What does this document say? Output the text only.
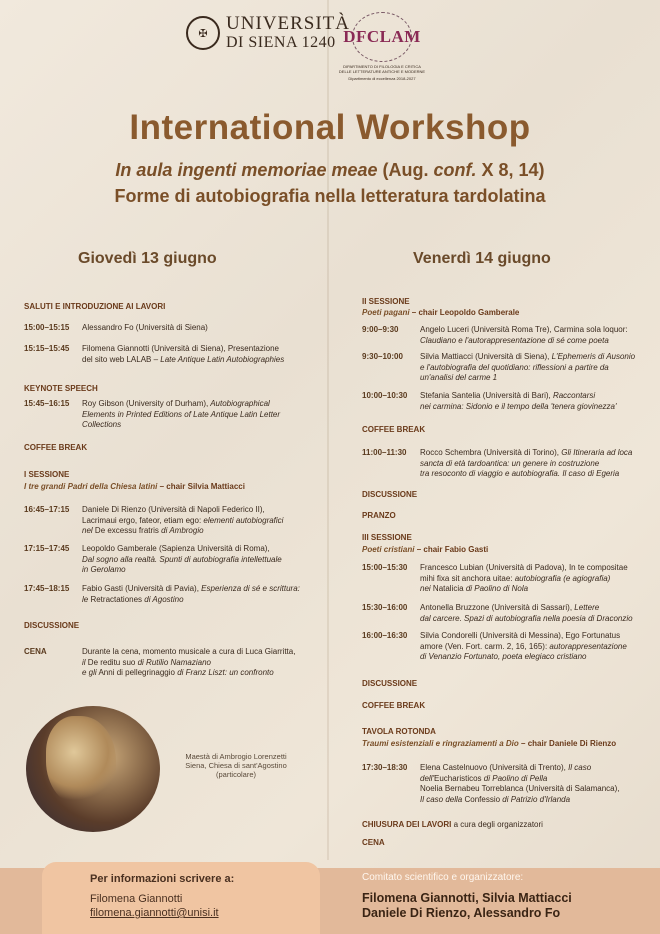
✠ UNIVERSITÀ
DI SIENA 1240 DFCLAM
DIPARTIMENTO DI FILOLOGIA E CRITICA DELLE LETTERATURE ANTICHE E MODERNE
Dipartimento di eccellenza 2018-2027
International Workshop
In aula ingenti memoriae meae (Aug. conf. X 8, 14)
Forme di autobiografia nella letteratura tardolatina
Giovedì 13 giugno	Venerdì 14 giugno
SALUTI E INTRODUZIONE AI LAVORI
15:00–15:15 Alessandro Fo (Università di Siena)
15:15–15:45 Filomena Giannotti (Università di Siena), Presentazione
del sito web LALAB – Late Antique Latin Autobiographies
KEYNOTE SPEECH
15:45–16:15 Roy Gibson (University of Durham), Autobiographical
Elements in Printed Editions of Late Antique Latin Letter
Collections
COFFEE BREAK
I SESSIONE
I tre grandi Padri della Chiesa latini – chair Silvia Mattiacci
16:45–17:15 Daniele Di Rienzo (Università di Napoli Federico II),
Lacrimaui ergo, fateor, etiam ego: elementi autobiografici
nel De excessu fratris di Ambrogio
17:15–17:45 Leopoldo Gamberale (Sapienza Università di Roma),
Dal sogno alla realtà. Spunti di autobiografia intellettuale
in Gerolamo
17:45–18:15 Fabio Gasti (Università di Pavia), Esperienza di sé e scrittura:
le Retractationes di Agostino
DISCUSSIONE
CENA	Durante la cena, momento musicale a cura di Luca Giarritta,
il De reditu suo di Rutilio Namaziano
e gli Anni di pellegrinaggio di Franz Liszt: un confronto
Maestà di Ambrogio Lorenzetti
Siena, Chiesa di sant'Agostino
(particolare)
II SESSIONE
Poeti pagani – chair Leopoldo Gamberale
9:00–9:30	Angelo Luceri (Università Roma Tre), Carmina sola loquor:
Claudiano e l'autorappresentazione di sé come poeta
9:30–10:00 Silvia Mattiacci (Università di Siena), L'Ephemeris di Ausonio
e l'autobiografia del quotidiano: riflessioni a partire da
un'analisi del carme 1
10:00–10:30 Stefania Santelia (Università di Bari), Raccontarsi
nei carmina: Sidonio e il tempo della 'tenera giovinezza'
COFFEE BREAK
11:00–11:30 Rocco Schembra (Università di Torino), Gli Itineraria ad loca
sancta di età tardoantica: un genere in costruzione
tra resoconto di viaggio e autobiografia. Il caso di Egeria
DISCUSSIONE
PRANZO
III SESSIONE
Poeti cristiani – chair Fabio Gasti
15:00–15:30 Francesco Lubian (Università di Padova), In te compositae
mihi fixa sit anchora uitae: autobiografia (e agiografia)
nei Natalicia di Paolino di Nola
15:30–16:00 Antonella Bruzzone (Università di Sassari), Lettere
dal carcere. Spazi di autobiografia nella poesia di Draconzio
16:00–16:30 Silvia Condorelli (Università di Messina), Ego Fortunatus
amore (Ven. Fort. carm. 2, 16, 165): autorappresentazione
di Venanzio Fortunato, poeta elegiaco cristiano
DISCUSSIONE
COFFEE BREAK
TAVOLA ROTONDA
Traumi esistenziali e ringraziamenti a Dio – chair Daniele Di Rienzo
17:30–18:30 Elena Castelnuovo (Università di Trento), Il caso
dell'Eucharisticos di Paolino di Pella
Noelia Bernabeu Torreblanca (Università di Salamanca),
Il caso della Confessio di Patrizio d'Irlanda
CHIUSURA DEI LAVORI a cura degli organizzatori
CENA
Per informazioni scrivere a:
Filomena Giannotti
filomena.giannotti@unisi.it
Comitato scientifico e organizzatore:
Filomena Giannotti, Silvia Mattiacci
Daniele Di Rienzo, Alessandro Fo
